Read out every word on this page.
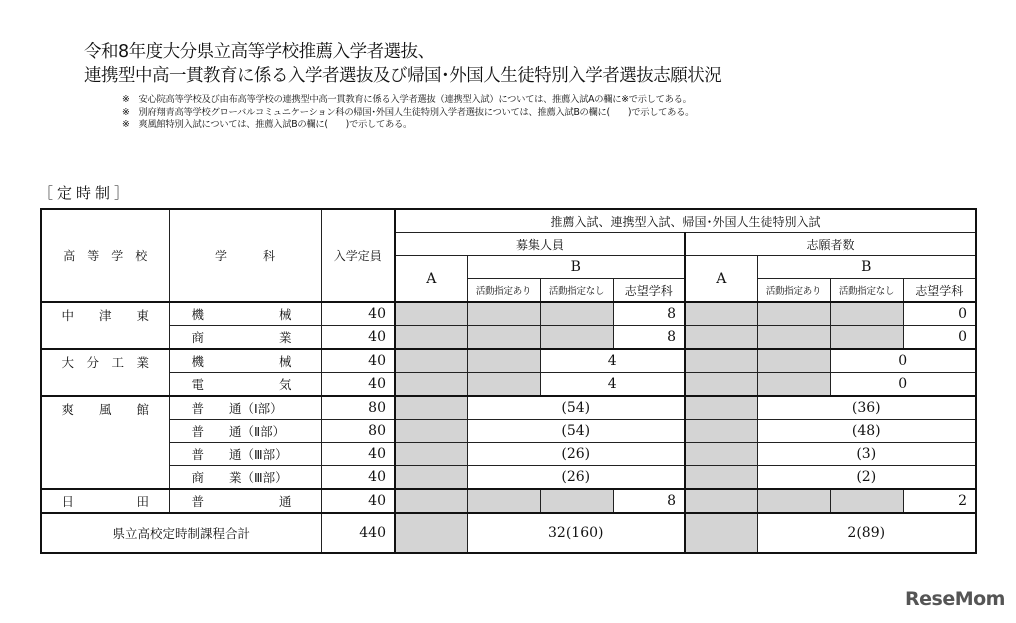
令和8年度大分県立高等学校推薦入学者選抜、
連携型中高一貫教育に係る入学者選抜及び帰国･外国人生徒特別入学者選抜志願状況
※　安心院高等学校及び由布高等学校の連携型中高一貫教育に係る入学者選抜（連携型入試）については、推薦入試Aの欄に※で示してある。
※　別府翔青高等学校グローバルコミュニケーション科の帰国･外国人生徒特別入学者選抜については、推薦入試Bの欄に(　　)で示してある。
※　爽風館特別入試については、推薦入試Bの欄に(　　)で示してある。
［定時制］
高　等　学　校	学　　　科	入学定員	推薦入試、連携型入試、帰国･外国人生徒特別入試							
			募集人員				志願者数			
			A	B			A	B		
				活動指定あり	活動指定なし	志望学科		活動指定あり	活動指定なし	志望学科
中　　津　　東	機　　　　　　械	40				8				0
	商　　　　　　業	40				8				0
大　分　工　業	機　　　　　　械	40			4				0	
	電　　　　　　気	40			4				0	
爽　　風　　館	普　　通（Ⅰ部）	80		(54)				(36)		
	普　　通（Ⅱ部）	80		(54)				(48)		
	普　　通（Ⅲ部）	40		(26)				(3)		
	商　　業（Ⅲ部）	40		(26)				(2)		
日　　　　　田	普　　　　　　通	40				8				2
県立高校定時制課程合計		440		32(160)				2(89)		
ReseMom
